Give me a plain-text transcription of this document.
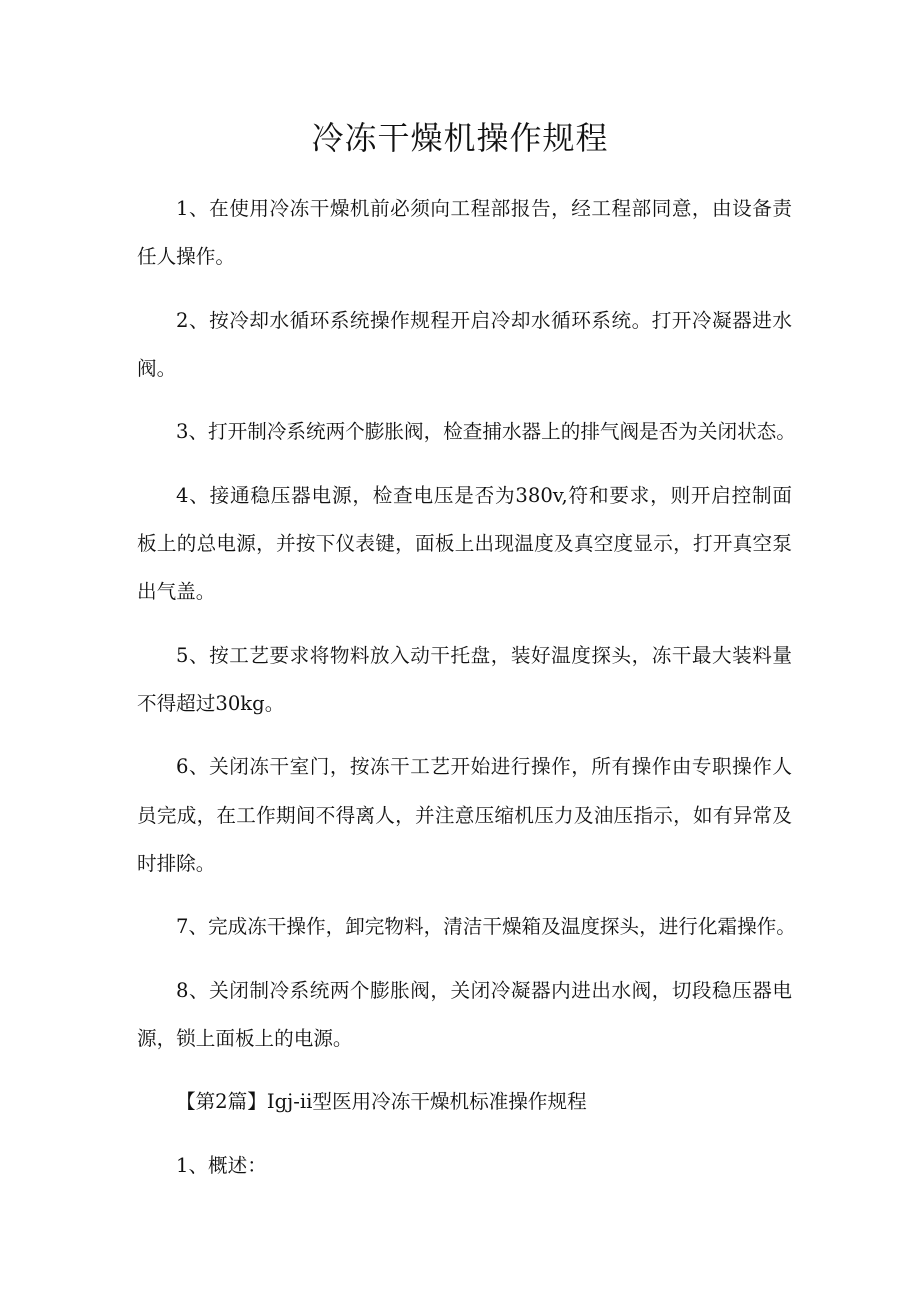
冷冻干燥机操作规程
1、在使用冷冻干燥机前必须向工程部报告，经工程部同意，由设备责
任人操作。
2、按冷却水循环系统操作规程开启冷却水循环系统。打开冷凝器进水
阀。
3、打开制冷系统两个膨胀阀，检查捕水器上的排气阀是否为关闭状态。
4、接通稳压器电源，检查电压是否为380v,符和要求，则开启控制面
板上的总电源，并按下仪表键，面板上出现温度及真空度显示，打开真空泵
出气盖。
5、按工艺要求将物料放入动干托盘，装好温度探头，冻干最大装料量
不得超过30kg。
6、关闭冻干室门，按冻干工艺开始进行操作，所有操作由专职操作人
员完成，在工作期间不得离人，并注意压缩机压力及油压指示，如有异常及
时排除。
7、完成冻干操作，卸完物料，清洁干燥箱及温度探头，进行化霜操作。
8、关闭制冷系统两个膨胀阀，关闭冷凝器内进出水阀，切段稳压器电
源，锁上面板上的电源。
【第2篇】Igj-ii型医用冷冻干燥机标准操作规程
1、概述：
